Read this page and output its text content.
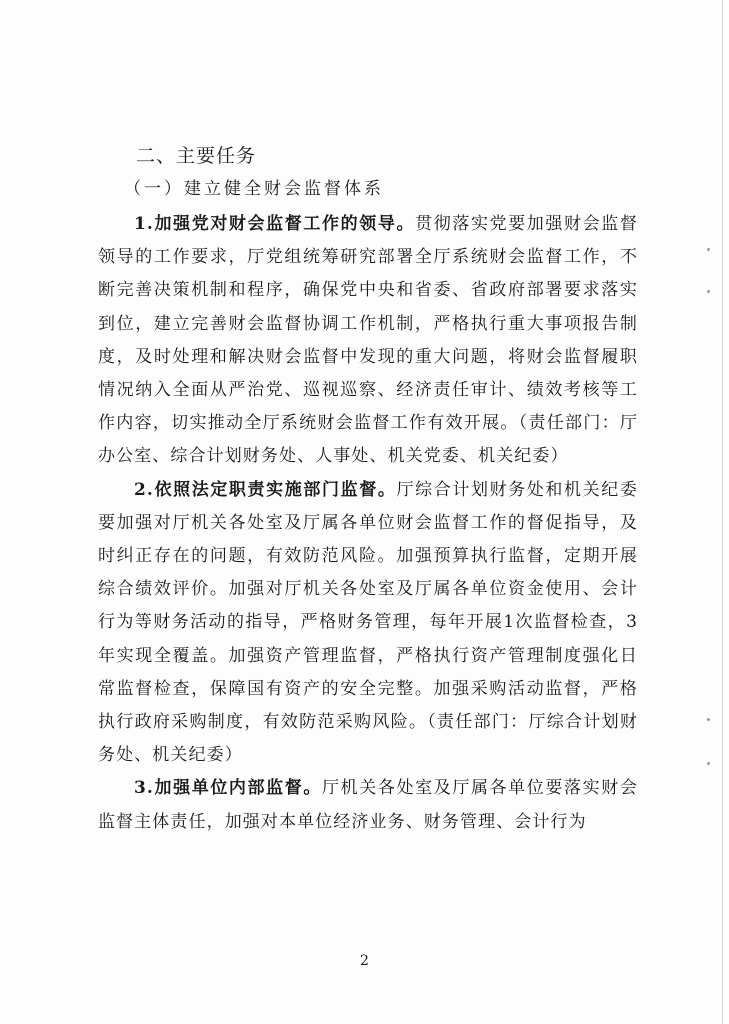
二、主要任务
（一）建立健全财会监督体系

1.加强党对财会监督工作的领导。贯彻落实党要加强财会监督领导的工作要求，厅党组统筹研究部署全厅系统财会监督工作，不断完善决策机制和程序，确保党中央和省委、省政府部署要求落实到位，建立完善财会监督协调工作机制，严格执行重大事项报告制度，及时处理和解决财会监督中发现的重大问题，将财会监督履职情况纳入全面从严治党、巡视巡察、经济责任审计、绩效考核等工作内容，切实推动全厅系统财会监督工作有效开展。（责任部门：厅办公室、综合计划财务处、人事处、机关党委、机关纪委）

2.依照法定职责实施部门监督。厅综合计划财务处和机关纪委要加强对厅机关各处室及厅属各单位财会监督工作的督促指导，及时纠正存在的问题，有效防范风险。加强预算执行监督，定期开展综合绩效评价。加强对厅机关各处室及厅属各单位资金使用、会计行为等财务活动的指导，严格财务管理，每年开展1次监督检查，3年实现全覆盖。加强资产管理监督，严格执行资产管理制度强化日常监督检查，保障国有资产的安全完整。加强采购活动监督，严格执行政府采购制度，有效防范采购风险。（责任部门：厅综合计划财务处、机关纪委）

3.加强单位内部监督。厅机关各处室及厅属各单位要落实财会监督主体责任，加强对本单位经济业务、财务管理、会计行为

2
